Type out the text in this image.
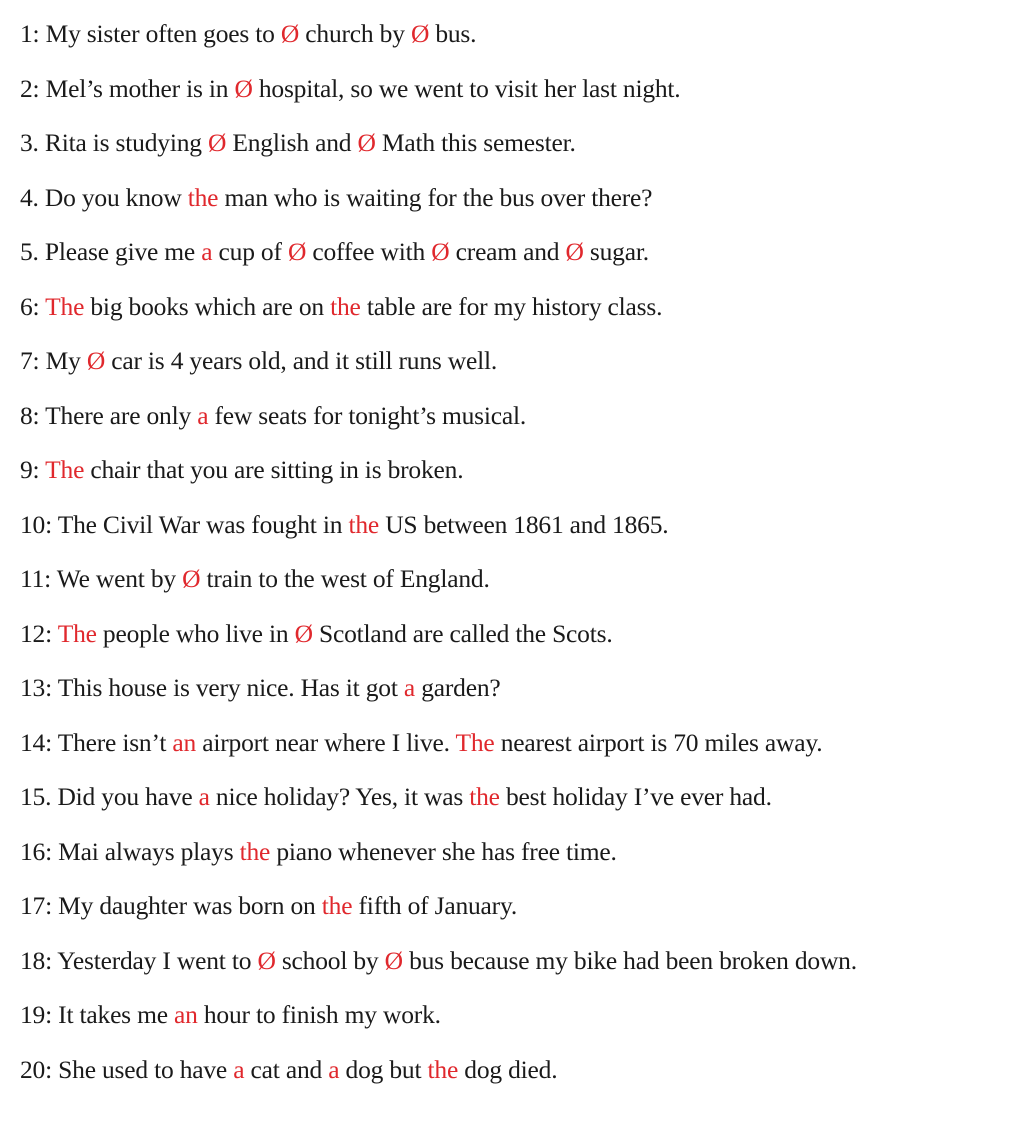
1: My sister often goes to Ø church by Ø bus.
2: Mel’s mother is in Ø hospital, so we went to visit her last night.
3. Rita is studying Ø English and Ø Math this semester.
4. Do you know the man who is waiting for the bus over there?
5. Please give me a cup of Ø coffee with Ø cream and Ø sugar.
6: The big books which are on the table are for my history class.
7: My Ø car is 4 years old, and it still runs well.
8: There are only a few seats for tonight’s musical.
9: The chair that you are sitting in is broken.
10: The Civil War was fought in the US between 1861 and 1865.
11: We went by Ø train to the west of England.
12: The people who live in Ø Scotland are called the Scots.
13: This house is very nice. Has it got a garden?
14: There isn’t an airport near where I live. The nearest airport is 70 miles away.
15. Did you have a nice holiday? Yes, it was the best holiday I’ve ever had.
16: Mai always plays the piano whenever she has free time.
17: My daughter was born on the fifth of January.
18: Yesterday I went to Ø school by Ø bus because my bike had been broken down.
19: It takes me an hour to finish my work.
20: She used to have a cat and a dog but the dog died.
